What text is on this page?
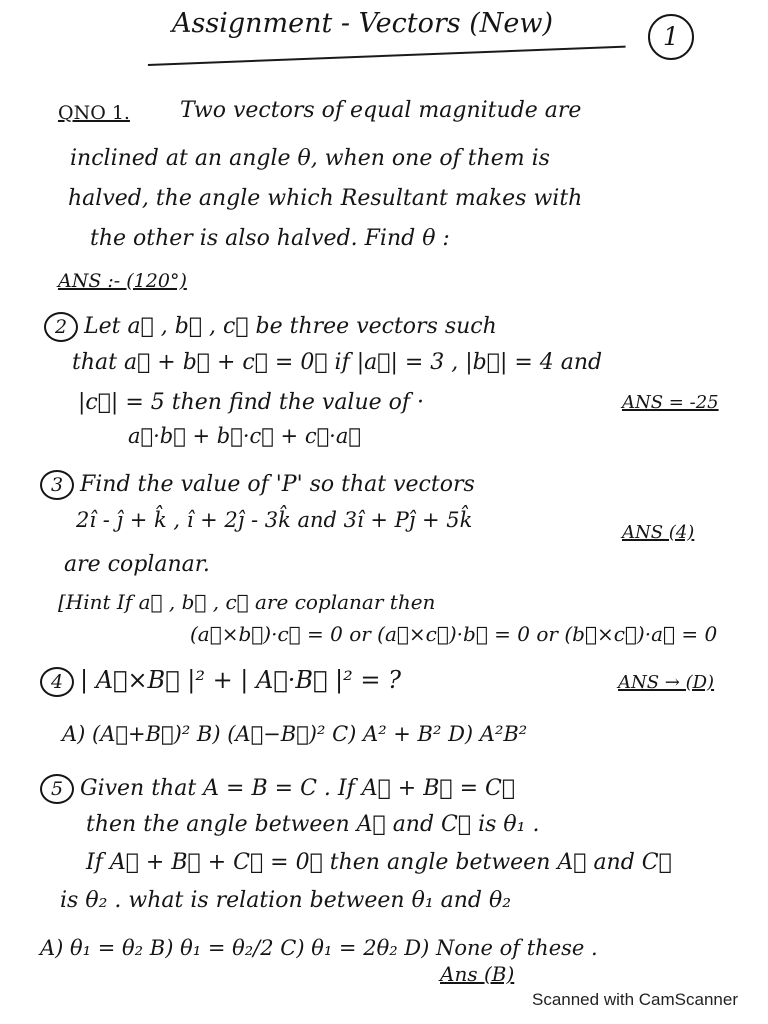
Assignment - Vectors (New)	1
QNO 1. Two vectors of equal magnitude are
inclined at an angle θ, when one of them is
halved, the angle which Resultant makes with
the other is also halved. Find θ :
ANS :- (120°)
2 Let a⃗ , b⃗ , c⃗ be three vectors such
that a⃗ + b⃗ + c⃗ = 0⃗ if |a⃗| = 3 , |b⃗| = 4 and
|c⃗| = 5 then find the value of ·
a⃗·b⃗ + b⃗·c⃗ + c⃗·a⃗
ANS = -25
3 Find the value of 'P' so that vectors
2î - ĵ + k̂ , î + 2ĵ - 3k̂ and 3î + Pĵ + 5k̂
ANS (4)
are coplanar.
[Hint If a⃗ , b⃗ , c⃗ are coplanar then
(a⃗×b⃗)·c⃗ = 0 or (a⃗×c⃗)·b⃗ = 0 or (b⃗×c⃗)·a⃗ = 0
4 | A⃗×B⃗ |² + | A⃗·B⃗ |² = ?	ANS → (D)
A) (A⃗+B⃗)² B) (A⃗−B⃗)² C) A² + B² D) A²B²
5 Given that A = B = C . If A⃗ + B⃗ = C⃗
then the angle between A⃗ and C⃗ is θ₁ .
If A⃗ + B⃗ + C⃗ = 0⃗ then angle between A⃗ and C⃗
is θ₂ . what is relation between θ₁ and θ₂
A) θ₁ = θ₂ B) θ₁ = θ₂/2 C) θ₁ = 2θ₂ D) None of these .
Ans (B)
Scanned with CamScanner
